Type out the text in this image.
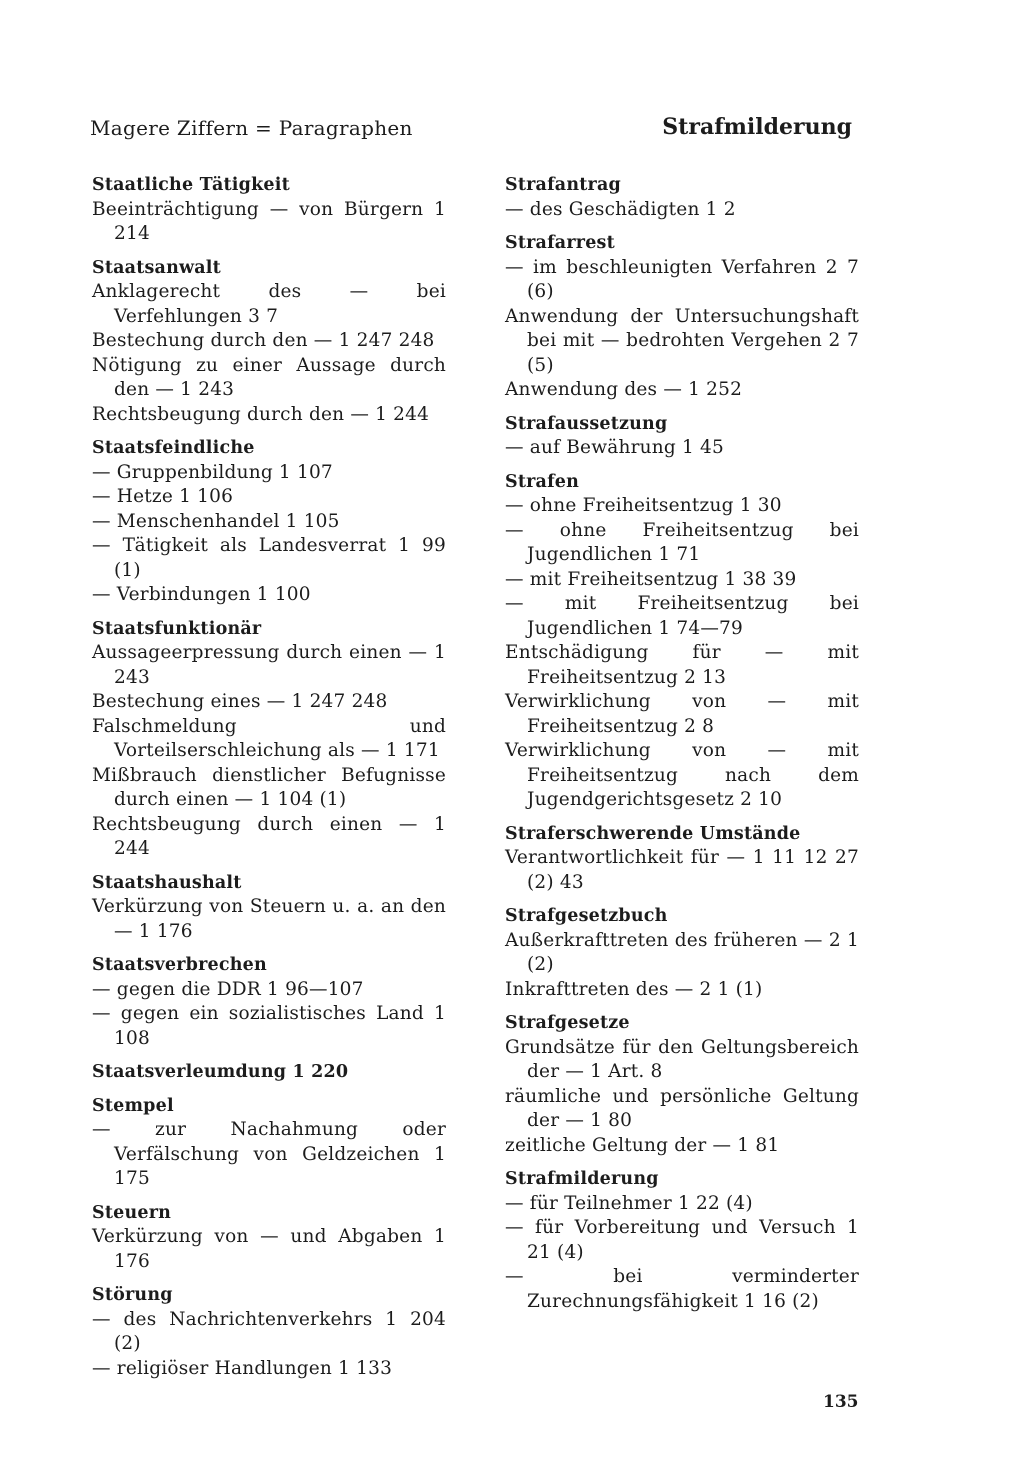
Magere Ziffern = Paragraphen	Strafmilderung
Staatliche Tätigkeit
Beeinträchtigung — von Bürgern 1 214
Staatsanwalt
Anklagerecht des — bei Verfehlungen 3 7
Bestechung durch den — 1 247 248
Nötigung zu einer Aussage durch den — 1 243
Rechtsbeugung durch den — 1 244
Staatsfeindliche
— Gruppenbildung 1 107
— Hetze 1 106
— Menschenhandel 1 105
— Tätigkeit als Landesverrat 1 99 (1)
— Verbindungen 1 100
Staatsfunktionär
Aussageerpressung durch einen — 1 243
Bestechung eines — 1 247 248
Falschmeldung und Vorteilserschleichung als — 1 171
Mißbrauch dienstlicher Befugnisse durch einen — 1 104 (1)
Rechtsbeugung durch einen — 1 244
Staatshaushalt
Verkürzung von Steuern u. a. an den — 1 176
Staatsverbrechen
— gegen die DDR 1 96—107
— gegen ein sozialistisches Land 1 108
Staatsverleumdung 1 220
Stempel
— zur Nachahmung oder Verfälschung von Geldzeichen 1 175
Steuern
Verkürzung von — und Abgaben 1 176
Störung
— des Nachrichtenverkehrs 1 204 (2)
— religiöser Handlungen 1 133
Strafantrag
— des Geschädigten 1 2
Strafarrest
— im beschleunigten Verfahren 2 7 (6)
Anwendung der Untersuchungshaft bei mit — bedrohten Vergehen 2 7 (5)
Anwendung des — 1 252
Strafaussetzung
— auf Bewährung 1 45
Strafen
— ohne Freiheitsentzug 1 30
— ohne Freiheitsentzug bei Jugendlichen 1 71
— mit Freiheitsentzug 1 38 39
— mit Freiheitsentzug bei Jugendlichen 1 74—79
Entschädigung für — mit Freiheitsentzug 2 13
Verwirklichung von — mit Freiheitsentzug 2 8
Verwirklichung von — mit Freiheitsentzug nach dem Jugendgerichtsgesetz 2 10
Straferschwerende Umstände
Verantwortlichkeit für — 1 11 12 27 (2) 43
Strafgesetzbuch
Außerkrafttreten des früheren — 2 1 (2)
Inkrafttreten des — 2 1 (1)
Strafgesetze
Grundsätze für den Geltungsbereich der — 1 Art. 8
räumliche und persönliche Geltung der — 1 80
zeitliche Geltung der — 1 81
Strafmilderung
— für Teilnehmer 1 22 (4)
— für Vorbereitung und Versuch 1 21 (4)
— bei verminderter Zurechnungsfähigkeit 1 16 (2)
135
